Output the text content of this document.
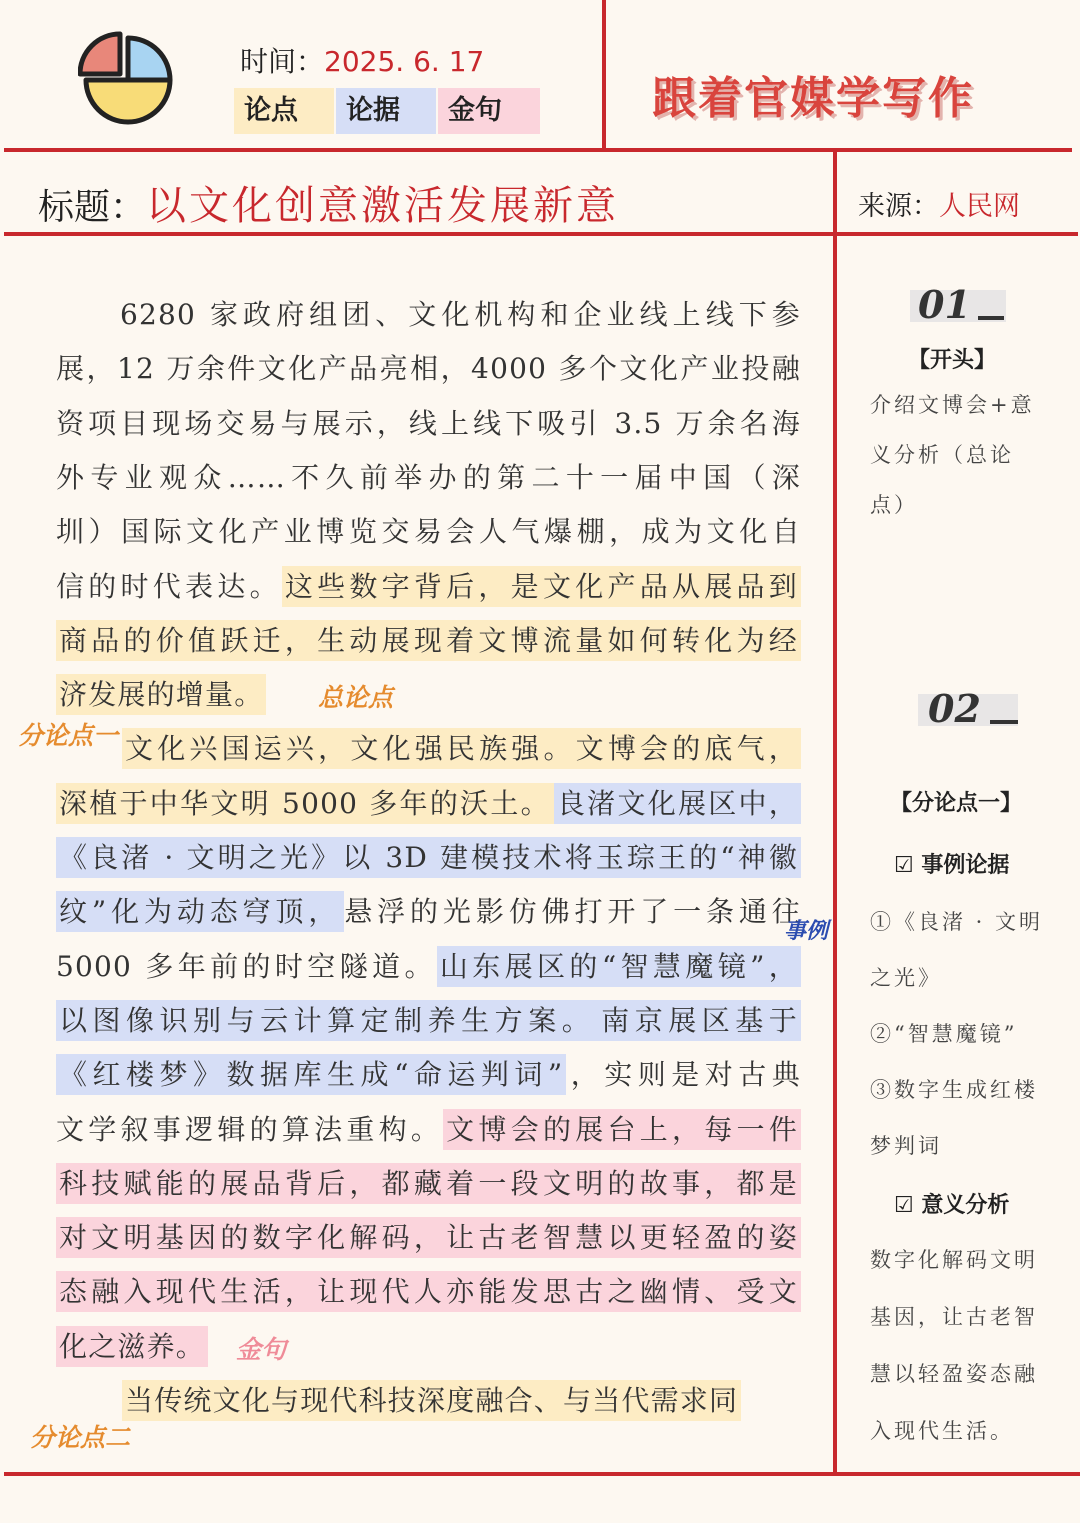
时间：2025. 6. 17
论点	论据	金句	跟着官媒学写作
标题：以文化创意激活发展新意	来源：人民网
6280 家政府组团、文化机构和企业线上线下参
展，12 万余件文化产品亮相，4000 多个文化产业投融
资项目现场交易与展示，线上线下吸引 3.5 万余名海
外专业观众……不久前举办的第二十一届中国（深
圳）国际文化产业博览交易会人气爆棚，成为文化自
信的时代表达。 这些数字背后，是文化产品从展品到
商品的价值跃迁，生动展现着文博流量如何转化为经
济发展的增量。
文化兴国运兴，文化强民族强。文博会的底气，
深植于中华文明 5000 多年的沃土。 良渚文化展区中，
《良渚 · 文明之光》以 3D 建模技术将玉琮王的“神徽
纹”化为动态穹顶， 悬浮的光影仿佛打开了一条通往
5000 多年前的时空隧道。 山东展区的“智慧魔镜”，
以图像识别与云计算定制养生方案。 南京展区基于
《红楼梦》数据库生成“命运判词” ，实则是对古典
文学叙事逻辑的算法重构。 文博会的展台上，每一件
科技赋能的展品背后，都藏着一段文明的故事，都是
对文明基因的数字化解码，让古老智慧以更轻盈的姿
态融入现代生活，让现代人亦能发思古之幽情、受文
化之滋养。
当传统文化与现代科技深度融合、与当代需求同
总论点
分论点一
事例
金句
分论点二
01
【开头】
介绍文博会+意
义分析（总论
点）
02
【分论点一】
☑ 事例论据
①《良渚 · 文明
之光》
②“智慧魔镜”
③数字生成红楼
梦判词
☑ 意义分析
数字化解码文明
基因，让古老智
慧以轻盈姿态融
入现代生活。
